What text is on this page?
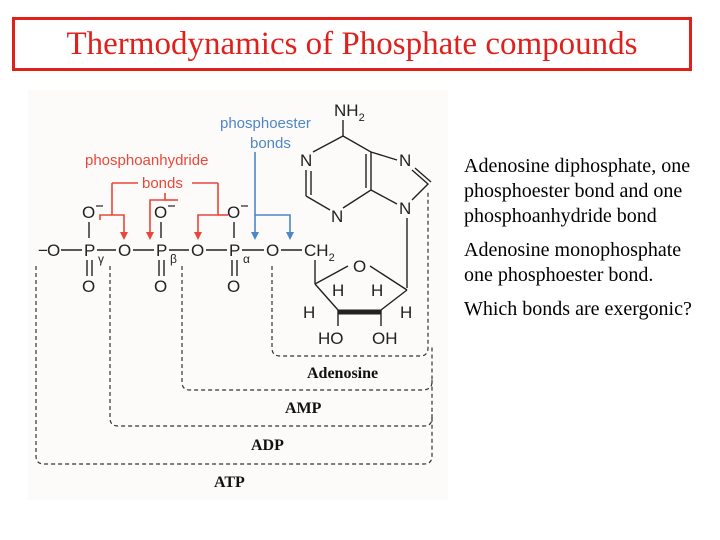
Thermodynamics of Phosphate compounds
phosphoester
bonds
phosphoanhydride
bonds
− O P O P O P O
O	O	O
O	O	O
γ	β	α	$CH_2$ O
H H
H	H
HO OH
$NH_2$
N	N
N	N
Adenosine
AMP
ADP
ATP

Adenosine diphosphate, one phosphoester bond and one phosphoanhydride bond

Adenosine monophosphate one phosphoester bond.

Which bonds are exergonic?
